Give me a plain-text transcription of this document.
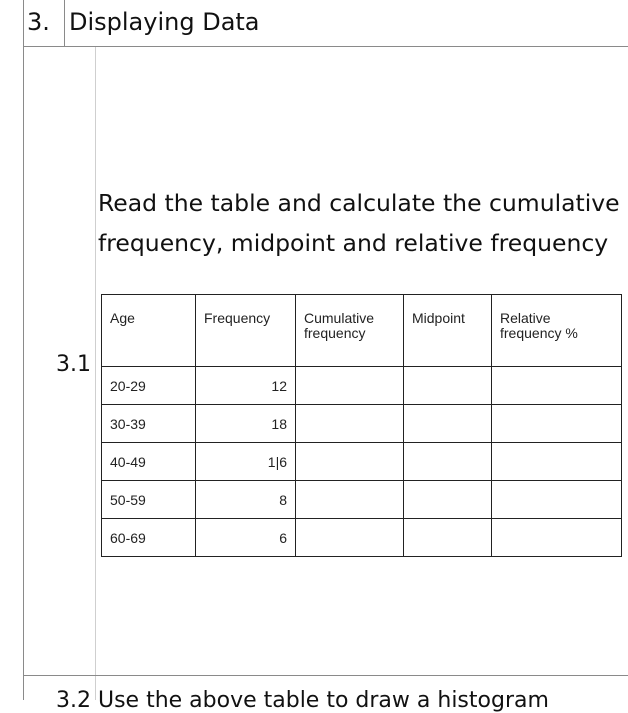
3. Displaying Data
3.1
Read the table and calculate the cumulative frequency, midpoint and relative frequency
Age	Frequency	Cumulative frequency	Midpoint	Relative frequency %
20-29	12			
30-39	18			
40-49	1|6			
50-59	8			
60-69	6			
3.2 Use the above table to draw a histogram
